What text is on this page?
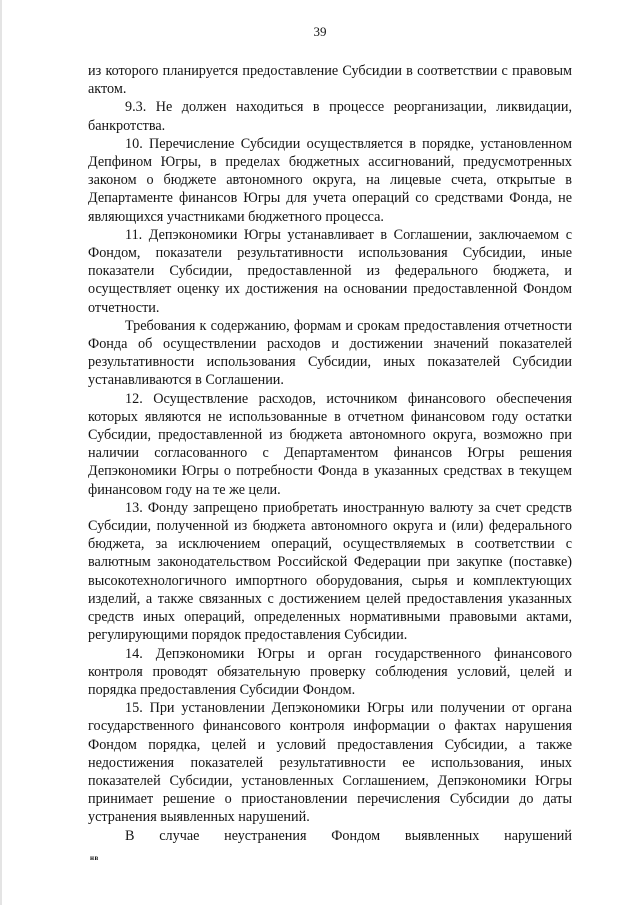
39

из которого планируется предоставление Субсидии в соответствии с правовым актом.

9.3. Не должен находиться в процессе реорганизации, ликвидации, банкротства.

10. Перечисление Субсидии осуществляется в порядке, установленном Депфином Югры, в пределах бюджетных ассигнований, предусмотренных законом о бюджете автономного округа, на лицевые счета, открытые в Департаменте финансов Югры для учета операций со средствами Фонда, не являющихся участниками бюджетного процесса.

11. Депэкономики Югры устанавливает в Соглашении, заключаемом с Фондом, показатели результативности использования Субсидии, иные показатели Субсидии, предоставленной из федерального бюджета, и осуществляет оценку их достижения на основании предоставленной Фондом отчетности.

Требования к содержанию, формам и срокам предоставления отчетности Фонда об осуществлении расходов и достижении значений показателей результативности использования Субсидии, иных показателей Субсидии устанавливаются в Соглашении.

12. Осуществление расходов, источником финансового обеспечения которых являются не использованные в отчетном финансовом году остатки Субсидии, предоставленной из бюджета автономного округа, возможно при наличии согласованного с Департаментом финансов Югры решения Депэкономики Югры о потребности Фонда в указанных средствах в текущем финансовом году на те же цели.

13. Фонду запрещено приобретать иностранную валюту за счет средств Субсидии, полученной из бюджета автономного округа и (или) федерального бюджета, за исключением операций, осуществляемых в соответствии с валютным законодательством Российской Федерации при закупке (поставке) высокотехнологичного импортного оборудования, сырья и комплектующих изделий, а также связанных с достижением целей предоставления указанных средств иных операций, определенных нормативными правовыми актами, регулирующими порядок предоставления Субсидии.

14. Депэкономики Югры и орган государственного финансового контроля проводят обязательную проверку соблюдения условий, целей и порядка предоставления Субсидии Фондом.

15. При установлении Депэкономики Югры или получении от органа государственного финансового контроля информации о фактах нарушения Фондом порядка, целей и условий предоставления Субсидии, а также недостижения показателей результативности ее использования, иных показателей Субсидии, установленных Соглашением, Депэкономики Югры принимает решение о приостановлении перечисления Субсидии до даты устранения выявленных нарушений.

В случае неустранения Фондом выявленных нарушений

нв
